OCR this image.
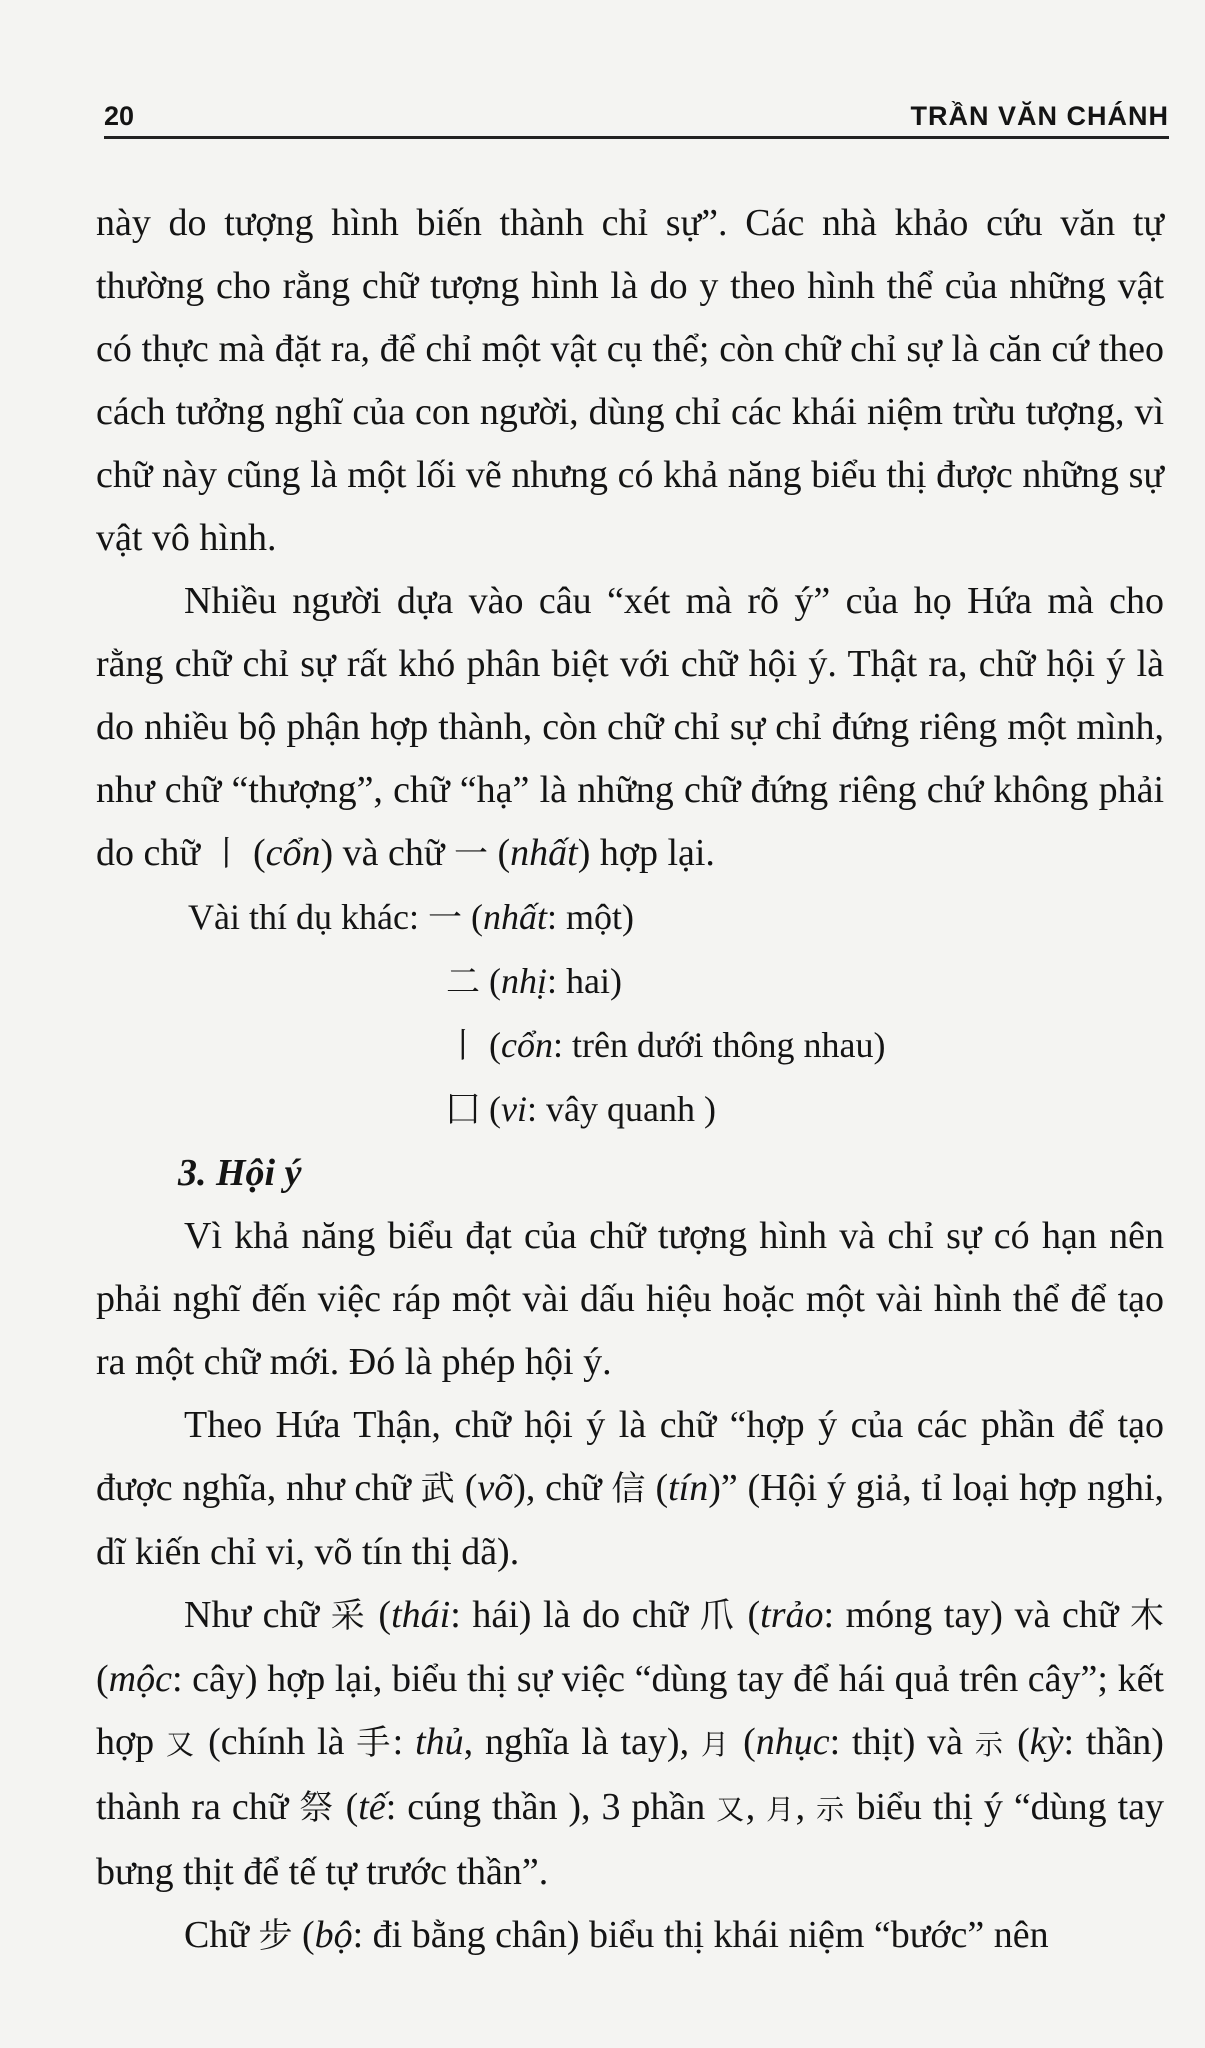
20	TRẦN VĂN CHÁNH

này do tượng hình biến thành chỉ sự”. Các nhà khảo cứu văn tự thường cho rằng chữ tượng hình là do y theo hình thể của những vật có thực mà đặt ra, để chỉ một vật cụ thể; còn chữ chỉ sự là căn cứ theo cách tưởng nghĩ của con người, dùng chỉ các khái niệm trừu tượng, vì chữ này cũng là một lối vẽ nhưng có khả năng biểu thị được những sự vật vô hình.

Nhiều người dựa vào câu “xét mà rõ ý” của họ Hứa mà cho rằng chữ chỉ sự rất khó phân biệt với chữ hội ý. Thật ra, chữ hội ý là do nhiều bộ phận hợp thành, còn chữ chỉ sự chỉ đứng riêng một mình, như chữ “thượng”, chữ “hạ” là những chữ đứng riêng chứ không phải do chữ 丨 (cổn) và chữ 一 (nhất) hợp lại.

Vài thí dụ khác: 一 (nhất: một)
二 (nhị: hai)
丨 (cổn: trên dưới thông nhau)
囗 (vi: vây quanh )

3. Hội ý

Vì khả năng biểu đạt của chữ tượng hình và chỉ sự có hạn nên phải nghĩ đến việc ráp một vài dấu hiệu hoặc một vài hình thể để tạo ra một chữ mới. Đó là phép hội ý.

Theo Hứa Thận, chữ hội ý là chữ “hợp ý của các phần để tạo được nghĩa, như chữ 武 (võ), chữ 信 (tín)” (Hội ý giả, tỉ loại hợp nghi, dĩ kiến chỉ vi, võ tín thị dã).

Như chữ 采 (thái: hái) là do chữ 爪 (trảo: móng tay) và chữ 木 (mộc: cây) hợp lại, biểu thị sự việc “dùng tay để hái quả trên cây”; kết hợp 又 (chính là 手: thủ, nghĩa là tay), 月 (nhục: thịt) và 示 (kỳ: thần) thành ra chữ 祭 (tế: cúng thần ), 3 phần 又, 月, 示 biểu thị ý “dùng tay bưng thịt để tế tự trước thần”.

Chữ 步 (bộ: đi bằng chân) biểu thị khái niệm “bước” nên
